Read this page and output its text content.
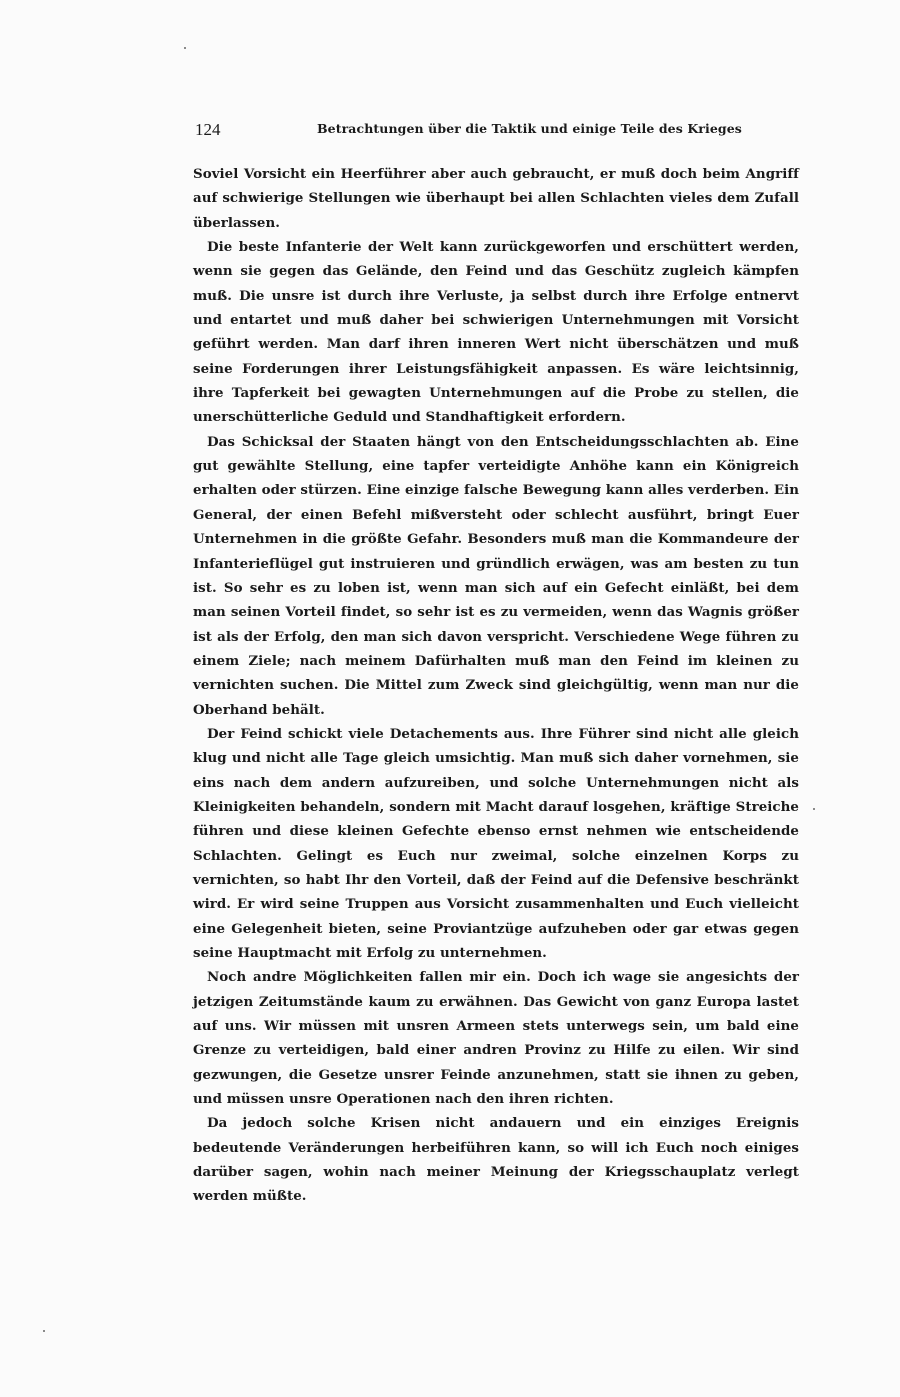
124	Betrachtungen über die Taktik und einige Teile des Krieges

Soviel Vorsicht ein Heerführer aber auch gebraucht, er muß doch beim Angriff auf schwierige Stellungen wie überhaupt bei allen Schlachten vieles dem Zufall überlassen.

Die beste Infanterie der Welt kann zurückgeworfen und erschüttert werden, wenn sie gegen das Gelände, den Feind und das Geschütz zugleich kämpfen muß. Die unsre ist durch ihre Verluste, ja selbst durch ihre Erfolge entnervt und entartet und muß daher bei schwierigen Unternehmungen mit Vorsicht geführt werden. Man darf ihren inneren Wert nicht überschätzen und muß seine Forderungen ihrer Leistungsfähigkeit anpassen. Es wäre leichtsinnig, ihre Tapferkeit bei gewagten Unternehmungen auf die Probe zu stellen, die unerschütterliche Geduld und Standhaftigkeit erfordern.

Das Schicksal der Staaten hängt von den Entscheidungsschlachten ab. Eine gut gewählte Stellung, eine tapfer verteidigte Anhöhe kann ein Königreich erhalten oder stürzen. Eine einzige falsche Bewegung kann alles verderben. Ein General, der einen Befehl mißversteht oder schlecht ausführt, bringt Euer Unternehmen in die größte Gefahr. Besonders muß man die Kommandeure der Infanterieflügel gut instruieren und gründlich erwägen, was am besten zu tun ist. So sehr es zu loben ist, wenn man sich auf ein Gefecht einläßt, bei dem man seinen Vorteil findet, so sehr ist es zu vermeiden, wenn das Wagnis größer ist als der Erfolg, den man sich davon verspricht. Verschiedene Wege führen zu einem Ziele; nach meinem Dafürhalten muß man den Feind im kleinen zu vernichten suchen. Die Mittel zum Zweck sind gleichgültig, wenn man nur die Oberhand behält.

Der Feind schickt viele Detachements aus. Ihre Führer sind nicht alle gleich klug und nicht alle Tage gleich umsichtig. Man muß sich daher vornehmen, sie eins nach dem andern aufzureiben, und solche Unternehmungen nicht als Kleinigkeiten behandeln, sondern mit Macht darauf losgehen, kräftige Streiche führen und diese kleinen Gefechte ebenso ernst nehmen wie entscheidende Schlachten. Gelingt es Euch nur zweimal, solche einzelnen Korps zu vernichten, so habt Ihr den Vorteil, daß der Feind auf die Defensive beschränkt wird. Er wird seine Truppen aus Vorsicht zusammenhalten und Euch vielleicht eine Gelegenheit bieten, seine Proviantzüge aufzuheben oder gar etwas gegen seine Hauptmacht mit Erfolg zu unternehmen.

Noch andre Möglichkeiten fallen mir ein. Doch ich wage sie angesichts der jetzigen Zeitumstände kaum zu erwähnen. Das Gewicht von ganz Europa lastet auf uns. Wir müssen mit unsren Armeen stets unterwegs sein, um bald eine Grenze zu verteidigen, bald einer andren Provinz zu Hilfe zu eilen. Wir sind gezwungen, die Gesetze unsrer Feinde anzunehmen, statt sie ihnen zu geben, und müssen unsre Operationen nach den ihren richten.

Da jedoch solche Krisen nicht andauern und ein einziges Ereignis bedeutende Veränderungen herbeiführen kann, so will ich Euch noch einiges darüber sagen, wohin nach meiner Meinung der Kriegsschauplatz verlegt werden müßte.
